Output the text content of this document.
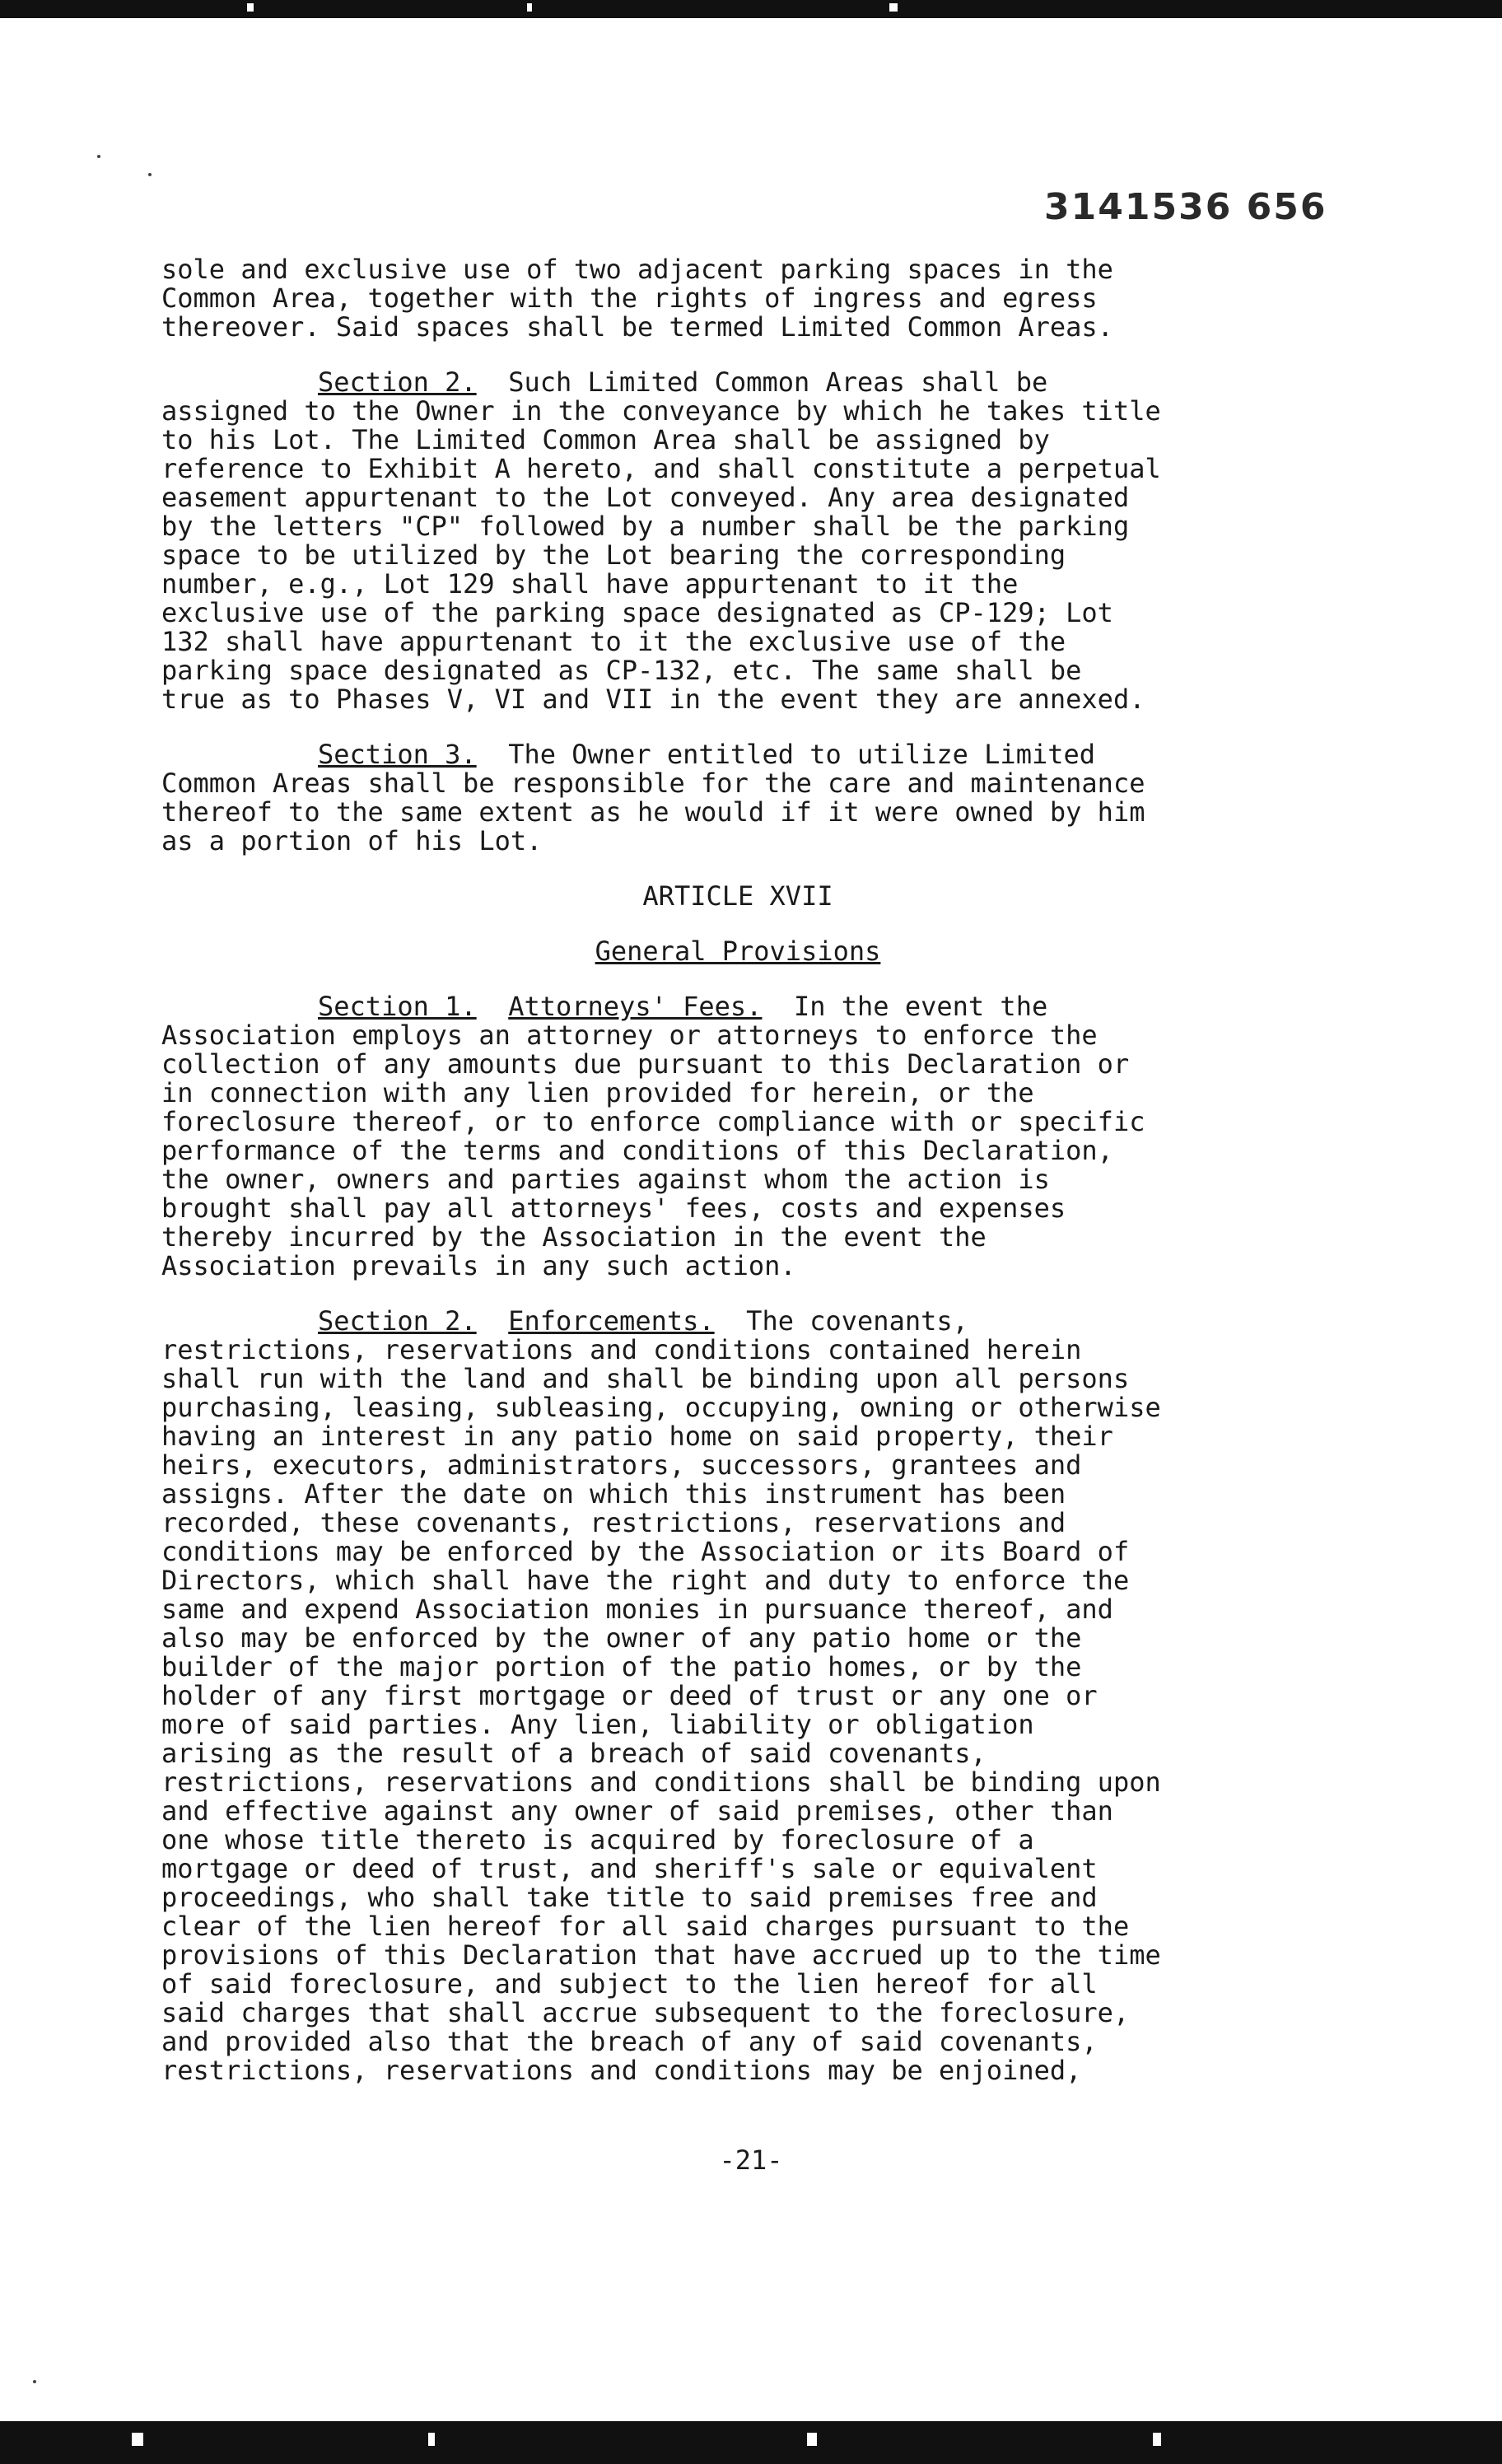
3141536 656

sole and exclusive use of two adjacent parking spaces in the

Common Area, together with the rights of ingress and egress

thereover. Said spaces shall be termed Limited Common Areas.

Section 2.  Such Limited Common Areas shall be

assigned to the Owner in the conveyance by which he takes title

to his Lot. The Limited Common Area shall be assigned by

reference to Exhibit A hereto, and shall constitute a perpetual

easement appurtenant to the Lot conveyed. Any area designated

by the letters "CP" followed by a number shall be the parking

space to be utilized by the Lot bearing the corresponding

number, e.g., Lot 129 shall have appurtenant to it the

exclusive use of the parking space designated as CP-129; Lot

132 shall have appurtenant to it the exclusive use of the

parking space designated as CP-132, etc. The same shall be

true as to Phases V, VI and VII in the event they are annexed.

Section 3.  The Owner entitled to utilize Limited

Common Areas shall be responsible for the care and maintenance

thereof to the same extent as he would if it were owned by him

as a portion of his Lot.

ARTICLE XVII

General Provisions

Section 1. Attorneys' Fees.  In the event the

Association employs an attorney or attorneys to enforce the

collection of any amounts due pursuant to this Declaration or

in connection with any lien provided for herein, or the

foreclosure thereof, or to enforce compliance with or specific

performance of the terms and conditions of this Declaration,

the owner, owners and parties against whom the action is

brought shall pay all attorneys' fees, costs and expenses

thereby incurred by the Association in the event the

Association prevails in any such action.

Section 2. Enforcements.  The covenants,

restrictions, reservations and conditions contained herein

shall run with the land and shall be binding upon all persons

purchasing, leasing, subleasing, occupying, owning or otherwise

having an interest in any patio home on said property, their

heirs, executors, administrators, successors, grantees and

assigns. After the date on which this instrument has been

recorded, these covenants, restrictions, reservations and

conditions may be enforced by the Association or its Board of

Directors, which shall have the right and duty to enforce the

same and expend Association monies in pursuance thereof, and

also may be enforced by the owner of any patio home or the

builder of the major portion of the patio homes, or by the

holder of any first mortgage or deed of trust or any one or

more of said parties. Any lien, liability or obligation

arising as the result of a breach of said covenants,

restrictions, reservations and conditions shall be binding upon

and effective against any owner of said premises, other than

one whose title thereto is acquired by foreclosure of a

mortgage or deed of trust, and sheriff's sale or equivalent

proceedings, who shall take title to said premises free and

clear of the lien hereof for all said charges pursuant to the

provisions of this Declaration that have accrued up to the time

of said foreclosure, and subject to the lien hereof for all

said charges that shall accrue subsequent to the foreclosure,

and provided also that the breach of any of said covenants,

restrictions, reservations and conditions may be enjoined,

-21-
